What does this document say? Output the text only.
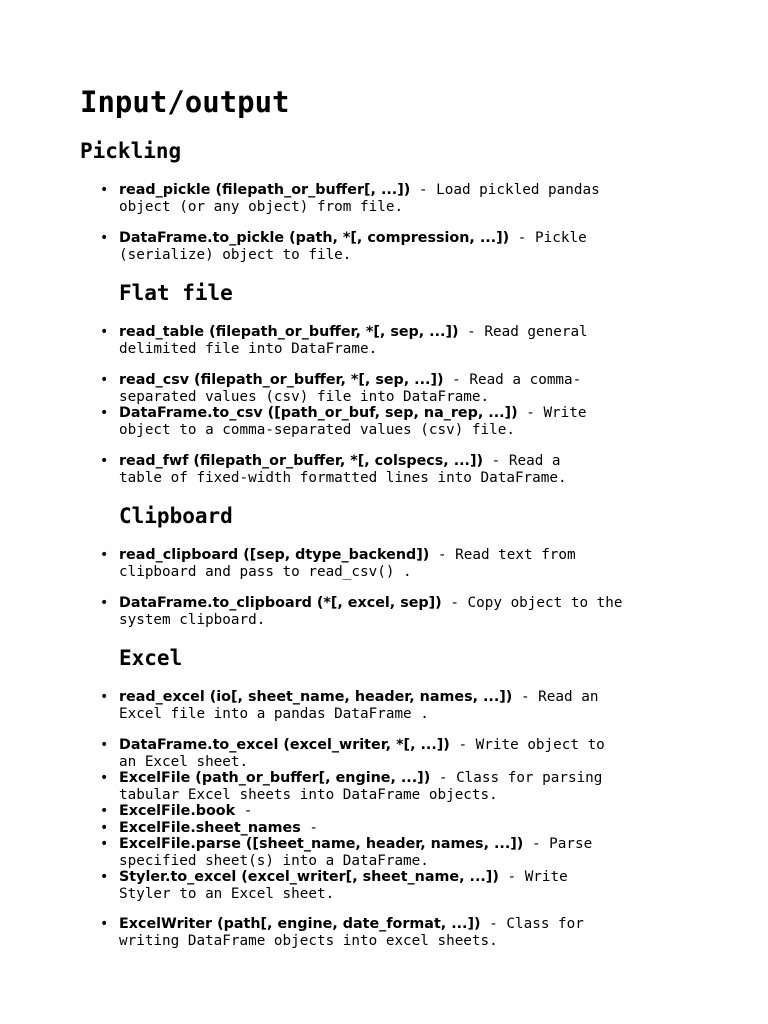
Input/output
Pickling
• read_pickle (filepath_or_buffer[, ...]) - Load pickled pandas
object (or any object) from file.
• DataFrame.to_pickle (path, *[, compression, ...]) - Pickle
(serialize) object to file.
Flat file
• read_table (filepath_or_buffer, *[, sep, ...]) - Read general
delimited file into DataFrame.
• read_csv (filepath_or_buffer, *[, sep, ...]) - Read a comma-
separated values (csv) file into DataFrame.
• DataFrame.to_csv ([path_or_buf, sep, na_rep, ...]) - Write
object to a comma-separated values (csv) file.
• read_fwf (filepath_or_buffer, *[, colspecs, ...]) - Read a
table of fixed-width formatted lines into DataFrame.
Clipboard
• read_clipboard ([sep, dtype_backend]) - Read text from
clipboard and pass to read_csv() .
• DataFrame.to_clipboard (*[, excel, sep]) - Copy object to the
system clipboard.
Excel
• read_excel (io[, sheet_name, header, names, ...]) - Read an
Excel file into a pandas DataFrame .
• DataFrame.to_excel (excel_writer, *[, ...]) - Write object to
an Excel sheet.
• ExcelFile (path_or_buffer[, engine, ...]) - Class for parsing
tabular Excel sheets into DataFrame objects.
• ExcelFile.book -
• ExcelFile.sheet_names -
• ExcelFile.parse ([sheet_name, header, names, ...]) - Parse
specified sheet(s) into a DataFrame.
• Styler.to_excel (excel_writer[, sheet_name, ...]) - Write
Styler to an Excel sheet.
• ExcelWriter (path[, engine, date_format, ...]) - Class for
writing DataFrame objects into excel sheets.
